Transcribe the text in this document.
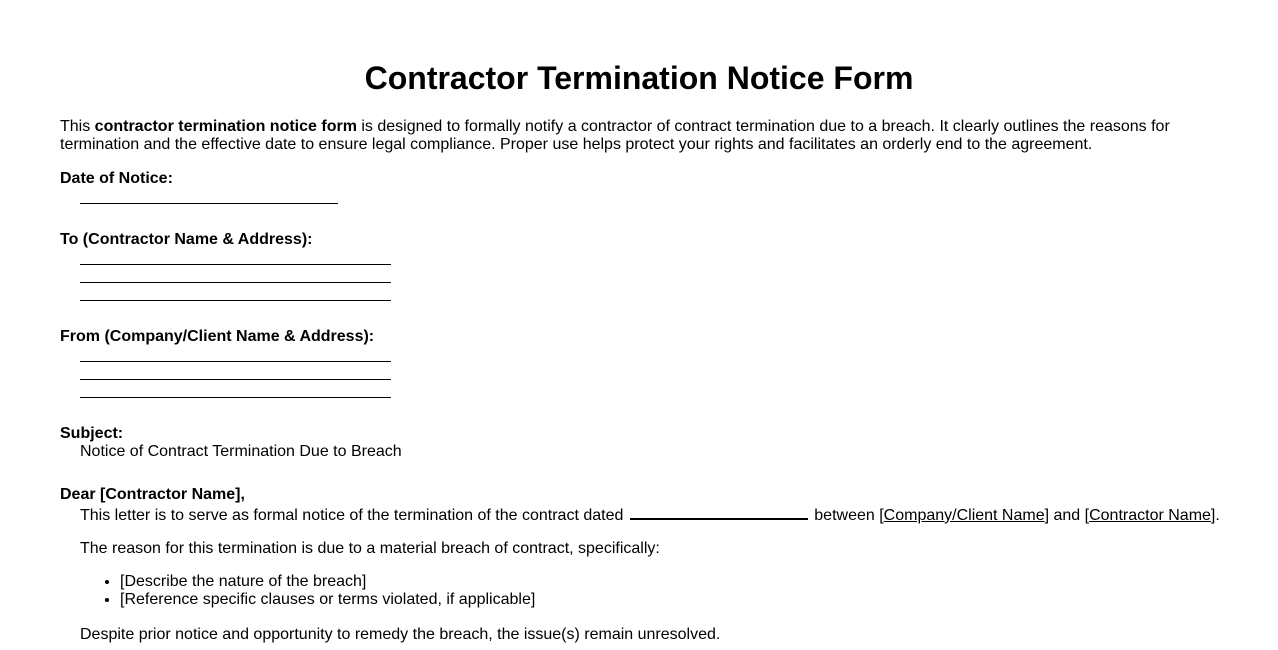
Contractor Termination Notice Form
This contractor termination notice form is designed to formally notify a contractor of contract termination due to a breach. It clearly outlines the reasons for termination and the effective date to ensure legal compliance. Proper use helps protect your rights and facilitates an orderly end to the agreement.
Date of Notice:
To (Contractor Name & Address):
From (Company/Client Name & Address):
Subject:
Notice of Contract Termination Due to Breach
Dear [Contractor Name],
This letter is to serve as formal notice of the termination of the contract dated	between [Company/Client Name] and [Contractor Name].
The reason for this termination is due to a material breach of contract, specifically:
• [Describe the nature of the breach]
• [Reference specific clauses or terms violated, if applicable]
Despite prior notice and opportunity to remedy the breach, the issue(s) remain unresolved.
